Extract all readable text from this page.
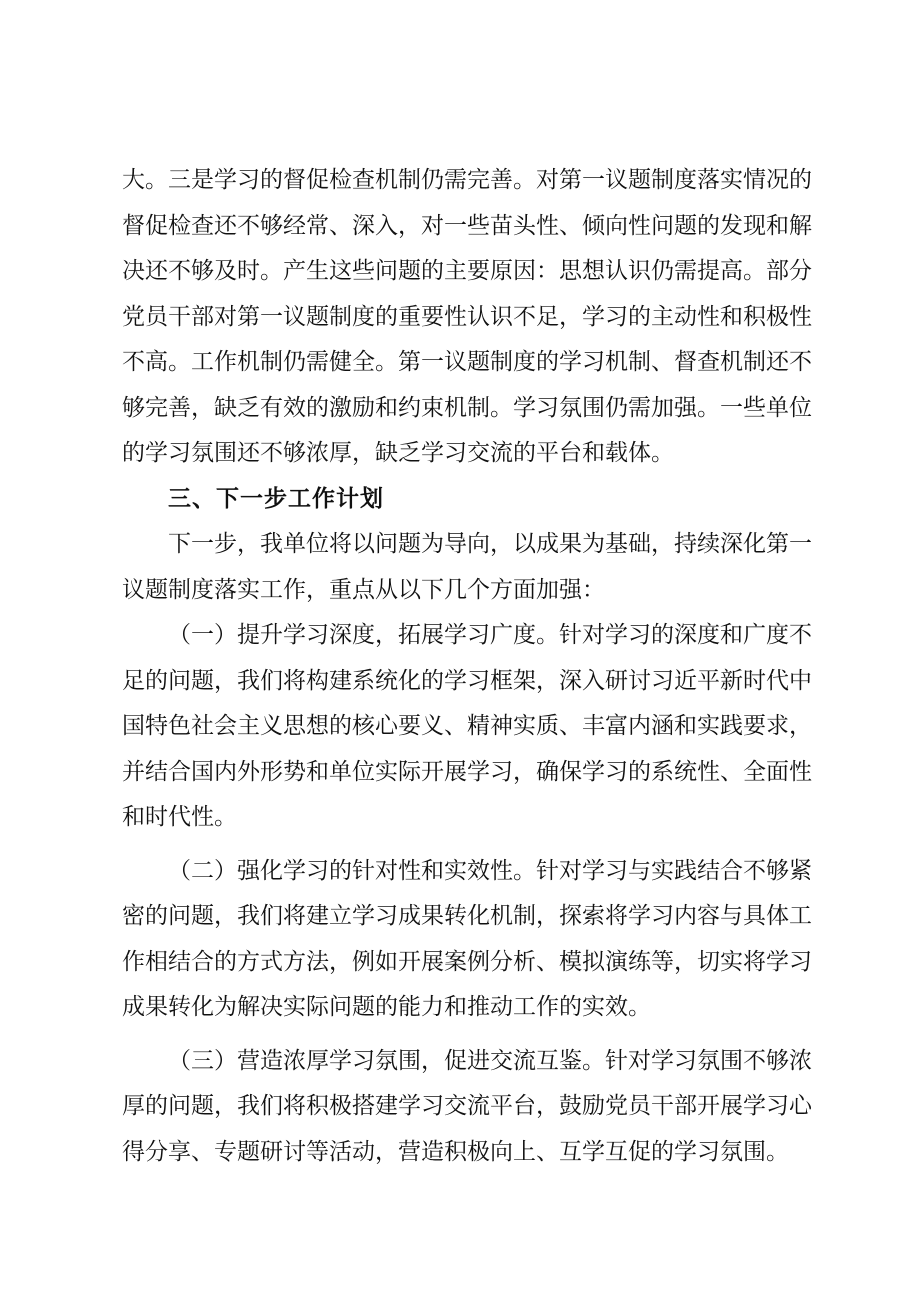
大。三是学习的督促检查机制仍需完善。对第一议题制度落实情况的督促检查还不够经常、深入，对一些苗头性、倾向性问题的发现和解决还不够及时。产生这些问题的主要原因：思想认识仍需提高。部分党员干部对第一议题制度的重要性认识不足，学习的主动性和积极性不高。工作机制仍需健全。第一议题制度的学习机制、督查机制还不够完善，缺乏有效的激励和约束机制。学习氛围仍需加强。一些单位的学习氛围还不够浓厚，缺乏学习交流的平台和载体。

三、下一步工作计划

下一步，我单位将以问题为导向，以成果为基础，持续深化第一议题制度落实工作，重点从以下几个方面加强：

（一）提升学习深度，拓展学习广度。针对学习的深度和广度不足的问题，我们将构建系统化的学习框架，深入研讨习近平新时代中国特色社会主义思想的核心要义、精神实质、丰富内涵和实践要求，并结合国内外形势和单位实际开展学习，确保学习的系统性、全面性和时代性。

（二）强化学习的针对性和实效性。针对学习与实践结合不够紧密的问题，我们将建立学习成果转化机制，探索将学习内容与具体工作相结合的方式方法，例如开展案例分析、模拟演练等，切实将学习成果转化为解决实际问题的能力和推动工作的实效。

（三）营造浓厚学习氛围，促进交流互鉴。针对学习氛围不够浓厚的问题，我们将积极搭建学习交流平台，鼓励党员干部开展学习心得分享、专题研讨等活动，营造积极向上、互学互促的学习氛围。
